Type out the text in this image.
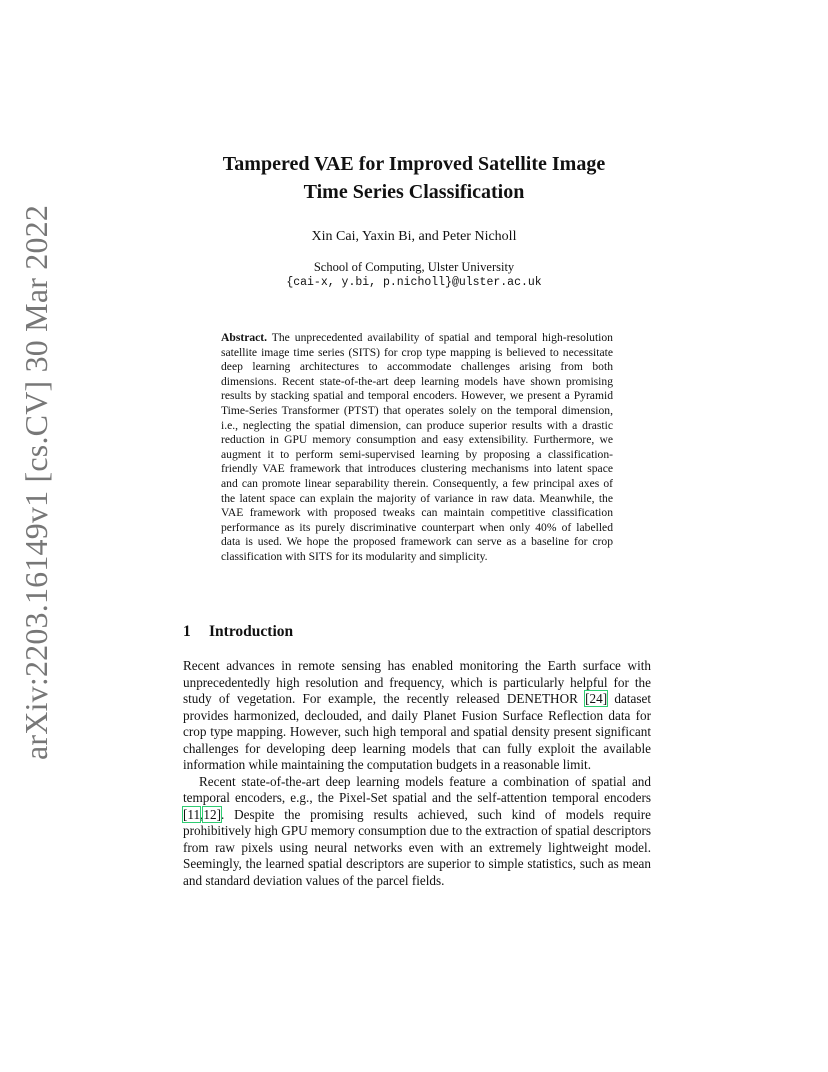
arXiv:2203.16149v1 [cs.CV] 30 Mar 2022
Tampered VAE for Improved Satellite Image
Time Series Classification
Xin Cai, Yaxin Bi, and Peter Nicholl
School of Computing, Ulster University
{cai-x, y.bi, p.nicholl}@ulster.ac.uk
Abstract. The unprecedented availability of spatial and temporal high-resolution satellite image time series (SITS) for crop type mapping is believed to necessitate deep learning architectures to accommodate challenges arising from both dimensions. Recent state-of-the-art deep learning models have shown promising results by stacking spatial and temporal encoders. However, we present a Pyramid Time-Series Transformer (PTST) that operates solely on the temporal dimension, i.e., neglecting the spatial dimension, can produce superior results with a drastic reduction in GPU memory consumption and easy extensibility. Furthermore, we augment it to perform semi-supervised learning by proposing a classification-friendly VAE framework that introduces clustering mechanisms into latent space and can promote linear separability therein. Consequently, a few principal axes of the latent space can explain the majority of variance in raw data. Meanwhile, the VAE framework with proposed tweaks can maintain competitive classification performance as its purely discriminative counterpart when only 40% of labelled data is used. We hope the proposed framework can serve as a baseline for crop classification with SITS for its modularity and simplicity.
1 Introduction

Recent advances in remote sensing has enabled monitoring the Earth surface with unprecedentedly high resolution and frequency, which is particularly helpful for the study of vegetation. For example, the recently released DENETHOR [24] dataset provides harmonized, declouded, and daily Planet Fusion Surface Reflection data for crop type mapping. However, such high temporal and spatial density present significant challenges for developing deep learning models that can fully exploit the available information while maintaining the computation budgets in a reasonable limit.

Recent state-of-the-art deep learning models feature a combination of spatial and temporal encoders, e.g., the Pixel-Set spatial and the self-attention temporal encoders [11,12]. Despite the promising results achieved, such kind of models require prohibitively high GPU memory consumption due to the extraction of spatial descriptors from raw pixels using neural networks even with an extremely lightweight model. Seemingly, the learned spatial descriptors are superior to simple statistics, such as mean and standard deviation values of the parcel fields.
